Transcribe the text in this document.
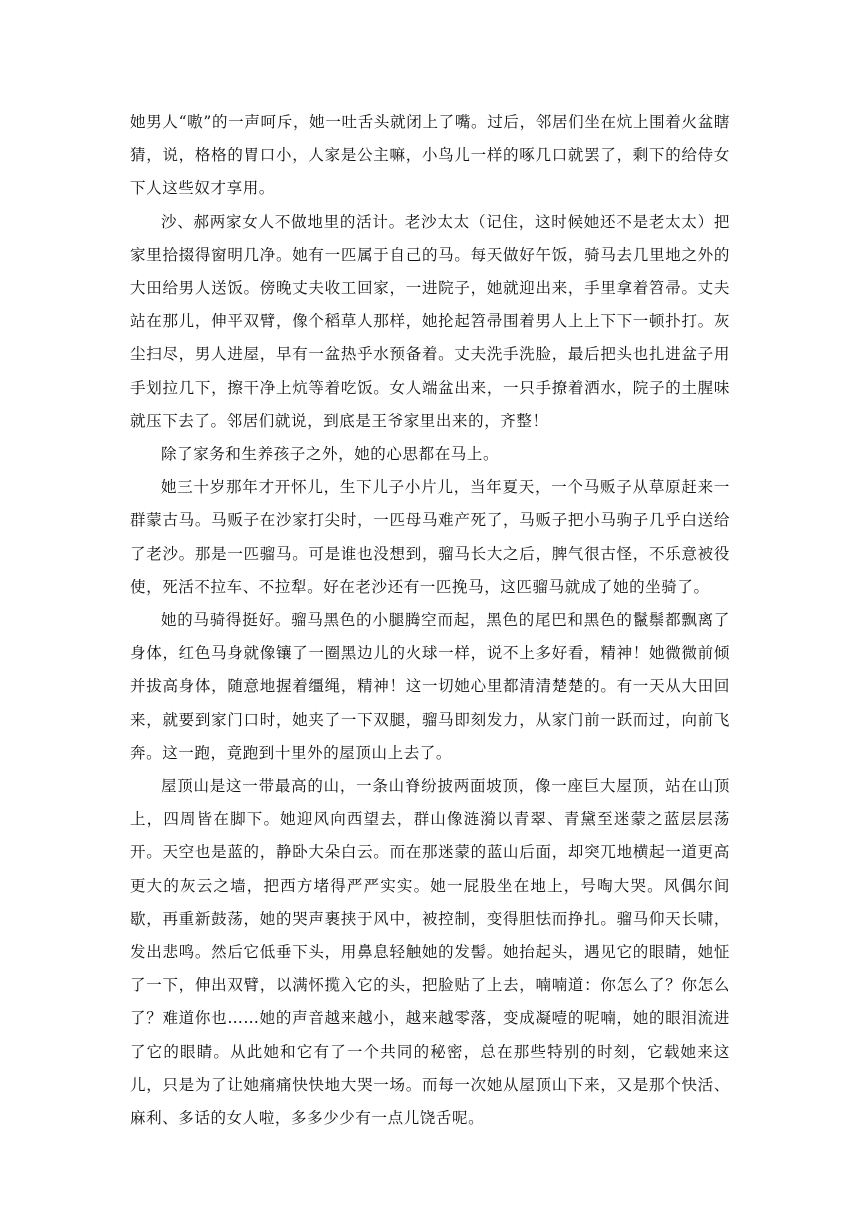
她男人“嗷”的一声呵斥，她一吐舌头就闭上了嘴。过后，邻居们坐在炕上围着火盆瞎猜，说，格格的胃口小，人家是公主嘛，小鸟儿一样的啄几口就罢了，剩下的给侍女下人这些奴才享用。

沙、郝两家女人不做地里的活计。老沙太太（记住，这时候她还不是老太太）把家里拾掇得窗明几净。她有一匹属于自己的马。每天做好午饭，骑马去几里地之外的大田给男人送饭。傍晚丈夫收工回家，一进院子，她就迎出来，手里拿着笤帚。丈夫站在那儿，伸平双臂，像个稻草人那样，她抡起笤帚围着男人上上下下一顿扑打。灰尘扫尽，男人进屋，早有一盆热乎水预备着。丈夫洗手洗脸，最后把头也扎进盆子用手划拉几下，擦干净上炕等着吃饭。女人端盆出来，一只手撩着洒水，院子的土腥味就压下去了。邻居们就说，到底是王爷家里出来的，齐整！

除了家务和生养孩子之外，她的心思都在马上。

她三十岁那年才开怀儿，生下儿子小片儿，当年夏天，一个马贩子从草原赶来一群蒙古马。马贩子在沙家打尖时，一匹母马难产死了，马贩子把小马驹子几乎白送给了老沙。那是一匹骝马。可是谁也没想到，骝马长大之后，脾气很古怪，不乐意被役使，死活不拉车、不拉犁。好在老沙还有一匹挽马，这匹骝马就成了她的坐骑了。

她的马骑得挺好。骝马黑色的小腿腾空而起，黑色的尾巴和黑色的鬣鬃都飘离了身体，红色马身就像镶了一圈黑边儿的火球一样，说不上多好看，精神！她微微前倾并拔高身体，随意地握着缰绳，精神！这一切她心里都清清楚楚的。有一天从大田回来，就要到家门口时，她夹了一下双腿，骝马即刻发力，从家门前一跃而过，向前飞奔。这一跑，竟跑到十里外的屋顶山上去了。

屋顶山是这一带最高的山，一条山脊纷披两面坡顶，像一座巨大屋顶，站在山顶上，四周皆在脚下。她迎风向西望去，群山像涟漪以青翠、青黛至迷蒙之蓝层层荡开。天空也是蓝的，静卧大朵白云。而在那迷蒙的蓝山后面，却突兀地横起一道更高更大的灰云之墙，把西方堵得严严实实。她一屁股坐在地上，号啕大哭。风偶尔间歇，再重新鼓荡，她的哭声裹挟于风中，被控制，变得胆怯而挣扎。骝马仰天长啸，发出悲鸣。然后它低垂下头，用鼻息轻触她的发髻。她抬起头，遇见它的眼睛，她怔了一下，伸出双臂，以满怀揽入它的头，把脸贴了上去，喃喃道：你怎么了？你怎么了？难道你也……她的声音越来越小，越来越零落，变成凝噎的呢喃，她的眼泪流进了它的眼睛。从此她和它有了一个共同的秘密，总在那些特别的时刻，它载她来这儿，只是为了让她痛痛快快地大哭一场。而每一次她从屋顶山下来，又是那个快活、麻利、多话的女人啦，多多少少有一点儿饶舌呢。
